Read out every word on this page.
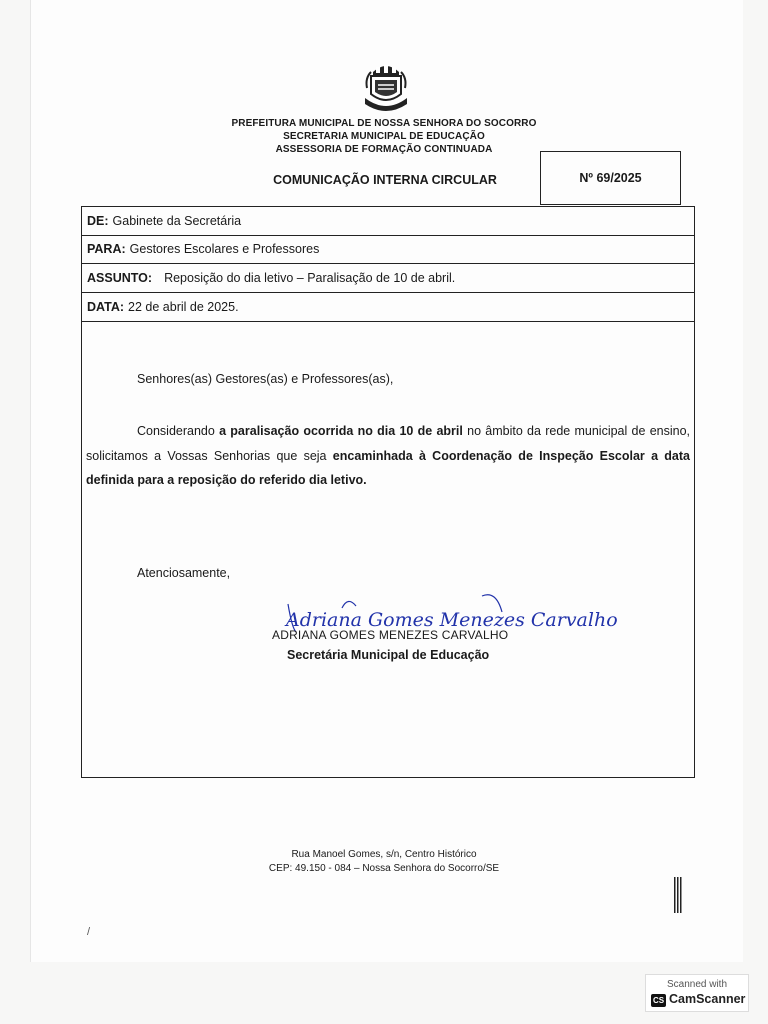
PREFEITURA MUNICIPAL DE NOSSA SENHORA DO SOCORRO
SECRETARIA MUNICIPAL DE EDUCAÇÃO
ASSESSORIA DE FORMAÇÃO CONTINUADA
COMUNICAÇÃO INTERNA CIRCULAR	Nº 69/2025
DE: Gabinete da Secretária
PARA: Gestores Escolares e Professores
ASSUNTO: Reposição do dia letivo – Paralisação de 10 de abril.
DATA: 22 de abril de 2025.
Senhores(as) Gestores(as) e Professores(as),
Considerando a paralisação ocorrida no dia 10 de abril no âmbito da rede municipal de ensino, solicitamos a Vossas Senhorias que seja encaminhada à Coordenação de Inspeção Escolar a data definida para a reposição do referido dia letivo.
Atenciosamente,
Adriana Gomes Menezes Carvalho
ADRIANA GOMES MENEZES CARVALHO
Secretária Municipal de Educação
Rua Manoel Gomes, s/n, Centro Histórico
CEP: 49.150 - 084 – Nossa Senhora do Socorro/SE
/
Scanned with
CS CamScanner
